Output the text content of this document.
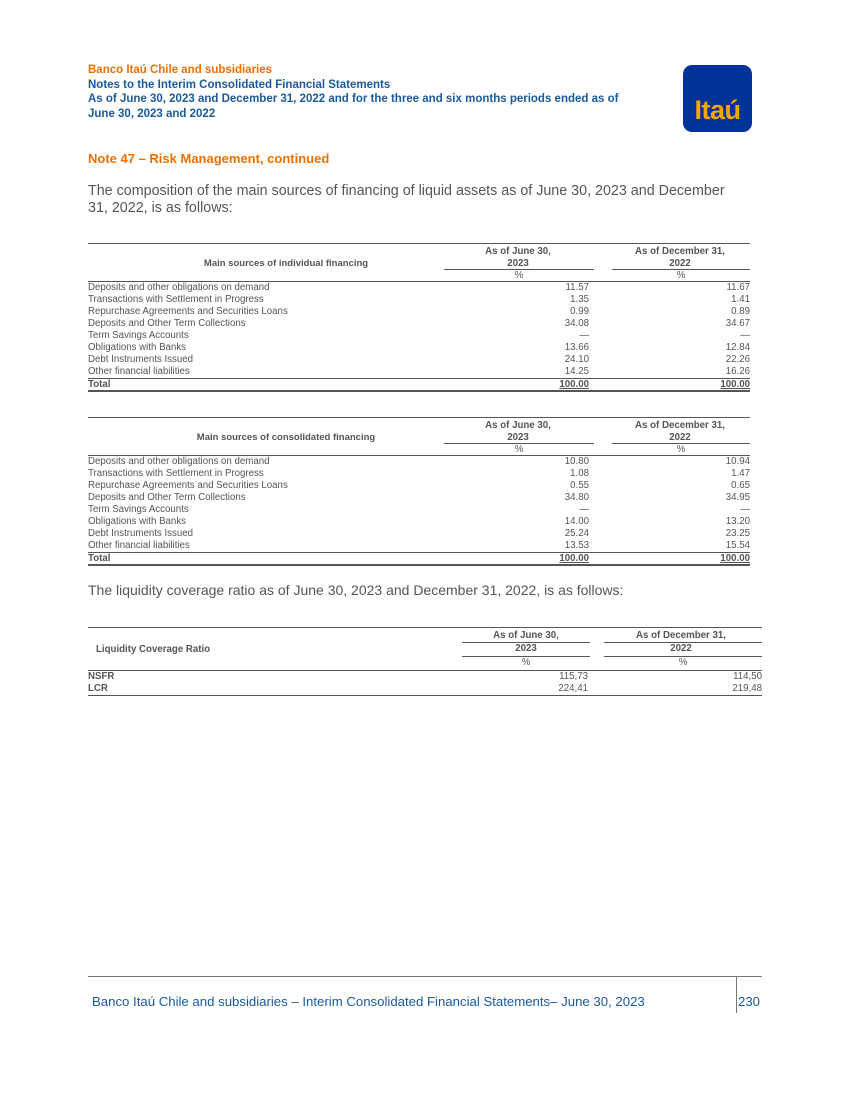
Banco Itaú Chile and subsidiaries
Notes to the Interim Consolidated Financial Statements
As of June 30, 2023 and December 31, 2022 and for the three and six months periods ended as of
June 30, 2023 and 2022	Itaú
Note 47 – Risk Management, continued
The composition of the main sources of financing of liquid assets as of June 30, 2023 and December 31, 2022, is as follows:
Main sources of individual financing
As of June 30,
2023
As of December 31,
2022
%	%
Deposits and other obligations on demand	11.57	11.67
Transactions with Settlement in Progress	1.35	1.41
Repurchase Agreements and Securities Loans	0.99	0.89
Deposits and Other Term Collections	34.08	34.67
Term Savings Accounts	—	—
Obligations with Banks	13.66	12.84
Debt Instruments Issued	24.10	22.26
Other financial liabilities	14.25	16.26
Total	100.00	100.00
Main sources of consolidated financing
As of June 30,
2023
As of December 31,
2022
%	%
Deposits and other obligations on demand	10.80	10.94
Transactions with Settlement in Progress	1.08	1.47
Repurchase Agreements and Securities Loans	0.55	0.65
Deposits and Other Term Collections	34.80	34.95
Term Savings Accounts	—	—
Obligations with Banks	14.00	13.20
Debt Instruments Issued	25.24	23.25
Other financial liabilities	13.53	15.54
Total	100.00	100.00
The liquidity coverage ratio as of June 30, 2023 and December 31, 2022, is as follows:
Liquidity Coverage Ratio
As of June 30,
2023
As of December 31,
2022
%	%
NSFR	115,73	114,50
LCR	224,41	219,48
Banco Itaú Chile and subsidiaries – Interim Consolidated Financial Statements– June 30, 2023	230
